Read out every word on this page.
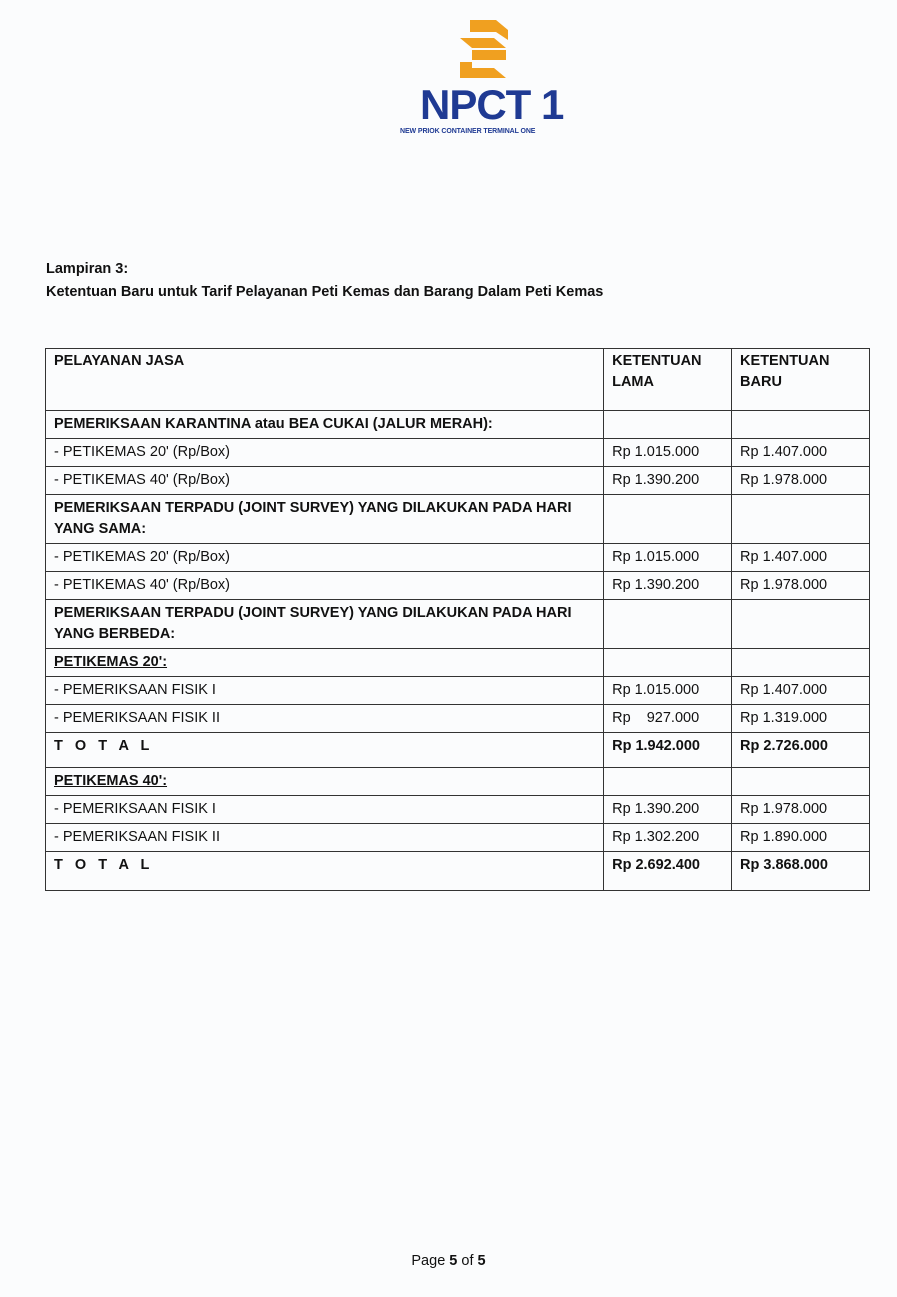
NPCT 1
NEW PRIOK CONTAINER TERMINAL ONE
Lampiran 3:
Ketentuan Baru untuk Tarif Pelayanan Peti Kemas dan Barang Dalam Peti Kemas
PELAYANAN JASA	KETENTUAN LAMA	KETENTUAN BARU
PEMERIKSAAN KARANTINA atau BEA CUKAI (JALUR MERAH):		
- PETIKEMAS 20' (Rp/Box)	Rp 1.015.000	Rp 1.407.000
- PETIKEMAS 40' (Rp/Box)	Rp 1.390.200	Rp 1.978.000
PEMERIKSAAN TERPADU (JOINT SURVEY) YANG DILAKUKAN PADA HARI YANG SAMA:		
- PETIKEMAS 20' (Rp/Box)	Rp 1.015.000	Rp 1.407.000
- PETIKEMAS 40' (Rp/Box)	Rp 1.390.200	Rp 1.978.000
PEMERIKSAAN TERPADU (JOINT SURVEY) YANG DILAKUKAN PADA HARI YANG BERBEDA:		
PETIKEMAS 20':		
- PEMERIKSAAN FISIK I	Rp 1.015.000	Rp 1.407.000
- PEMERIKSAAN FISIK II	Rp    927.000	Rp 1.319.000
T O T A L	Rp 1.942.000	Rp 2.726.000
PETIKEMAS 40':		
- PEMERIKSAAN FISIK I	Rp 1.390.200	Rp 1.978.000
- PEMERIKSAAN FISIK II	Rp 1.302.200	Rp 1.890.000
T O T A L	Rp 2.692.400	Rp 3.868.000
Page 5 of 5
